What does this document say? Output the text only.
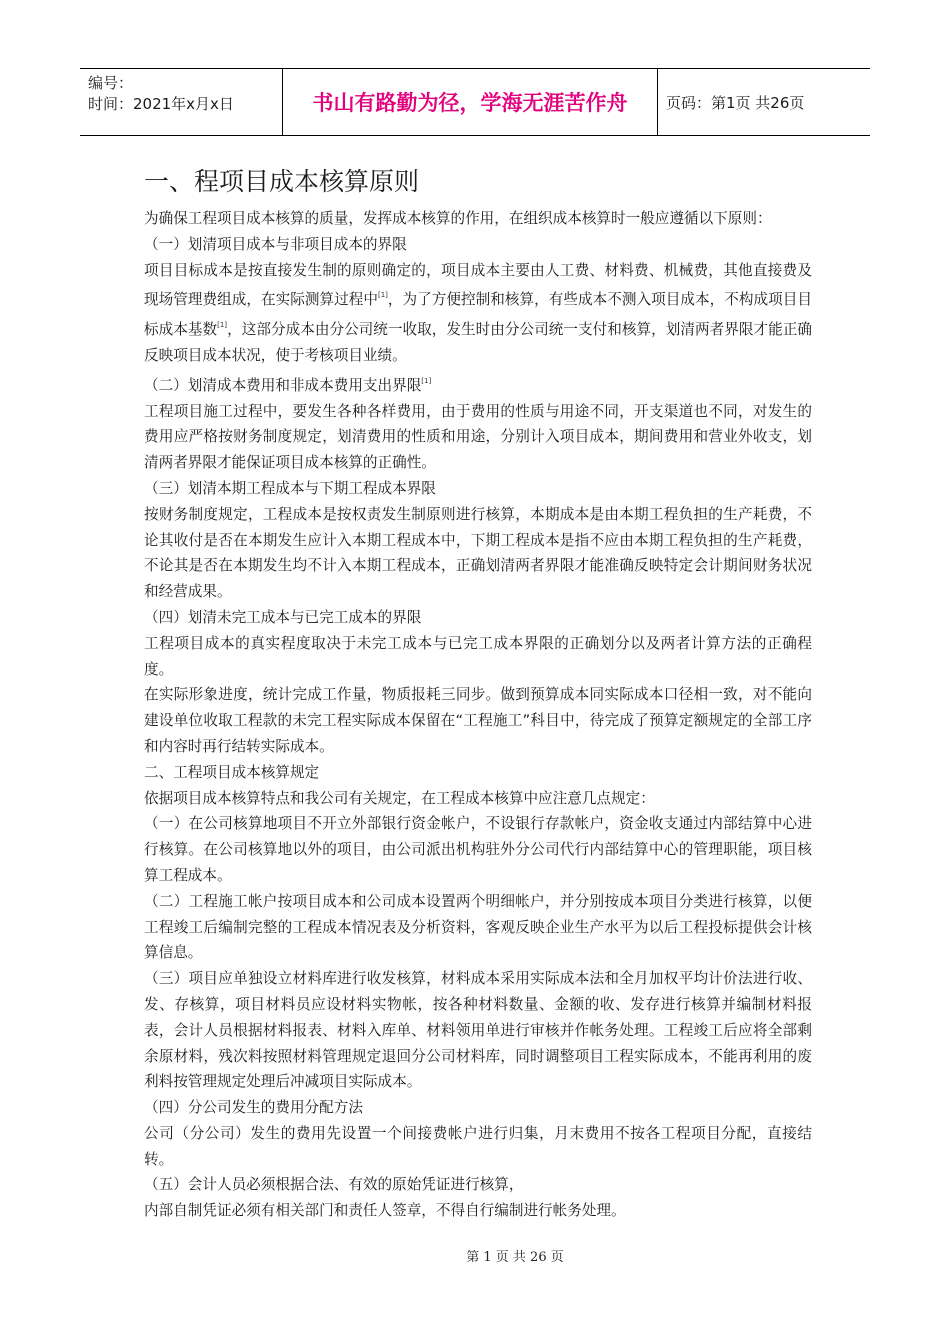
编号：
时间：2021年x月x日	书山有路勤为径，学海无涯苦作舟	页码：第1页 共26页
一、程项目成本核算原则

为确保工程项目成本核算的质量，发挥成本核算的作用，在组织成本核算时一般应遵循以下原则：

（一）划清项目成本与非项目成本的界限

项目目标成本是按直接发生制的原则确定的，项目成本主要由人工费、材料费、机械费，其他直接费及现场管理费组成，在实际测算过程中[1]，为了方便控制和核算，有些成本不测入项目成本，不构成项目目标成本基数[1]，这部分成本由分公司统一收取，发生时由分公司统一支付和核算，划清两者界限才能正确反映项目成本状况，使于考核项目业绩。

（二）划清成本费用和非成本费用支出界限[1]

工程项目施工过程中，要发生各种各样费用，由于费用的性质与用途不同，开支渠道也不同，对发生的费用应严格按财务制度规定，划清费用的性质和用途，分别计入项目成本，期间费用和营业外收支，划清两者界限才能保证项目成本核算的正确性。

（三）划清本期工程成本与下期工程成本界限

按财务制度规定，工程成本是按权责发生制原则进行核算，本期成本是由本期工程负担的生产耗费，不论其收付是否在本期发生应计入本期工程成本中，下期工程成本是指不应由本期工程负担的生产耗费，不论其是否在本期发生均不计入本期工程成本，正确划清两者界限才能准确反映特定会计期间财务状况和经营成果。

（四）划清未完工成本与已完工成本的界限

工程项目成本的真实程度取决于未完工成本与已完工成本界限的正确划分以及两者计算方法的正确程度。

在实际形象进度，统计完成工作量，物质报耗三同步。做到预算成本同实际成本口径相一致，对不能向建设单位收取工程款的未完工程实际成本保留在“工程施工”科目中，待完成了预算定额规定的全部工序和内容时再行结转实际成本。

二、工程项目成本核算规定

依据项目成本核算特点和我公司有关规定，在工程成本核算中应注意几点规定：

（一）在公司核算地项目不开立外部银行资金帐户，不设银行存款帐户，资金收支通过内部结算中心进行核算。在公司核算地以外的项目，由公司派出机构驻外分公司代行内部结算中心的管理职能，项目核算工程成本。

（二）工程施工帐户按项目成本和公司成本设置两个明细帐户，并分别按成本项目分类进行核算，以便工程竣工后编制完整的工程成本情况表及分析资料，客观反映企业生产水平为以后工程投标提供会计核算信息。

（三）项目应单独设立材料库进行收发核算，材料成本采用实际成本法和全月加权平均计价法进行收、发、存核算，项目材料员应设材料实物帐，按各种材料数量、金额的收、发存进行核算并编制材料报表，会计人员根据材料报表、材料入库单、材料领用单进行审核并作帐务处理。工程竣工后应将全部剩余原材料，残次料按照材料管理规定退回分公司材料库，同时调整项目工程实际成本，不能再利用的废利料按管理规定处理后冲减项目实际成本。

（四）分公司发生的费用分配方法

公司（分公司）发生的费用先设置一个间接费帐户进行归集，月末费用不按各工程项目分配，直接结转。

（五）会计人员必须根据合法、有效的原始凭证进行核算，

内部自制凭证必须有相关部门和责任人签章，不得自行编制进行帐务处理。

第 1 页 共 26 页
